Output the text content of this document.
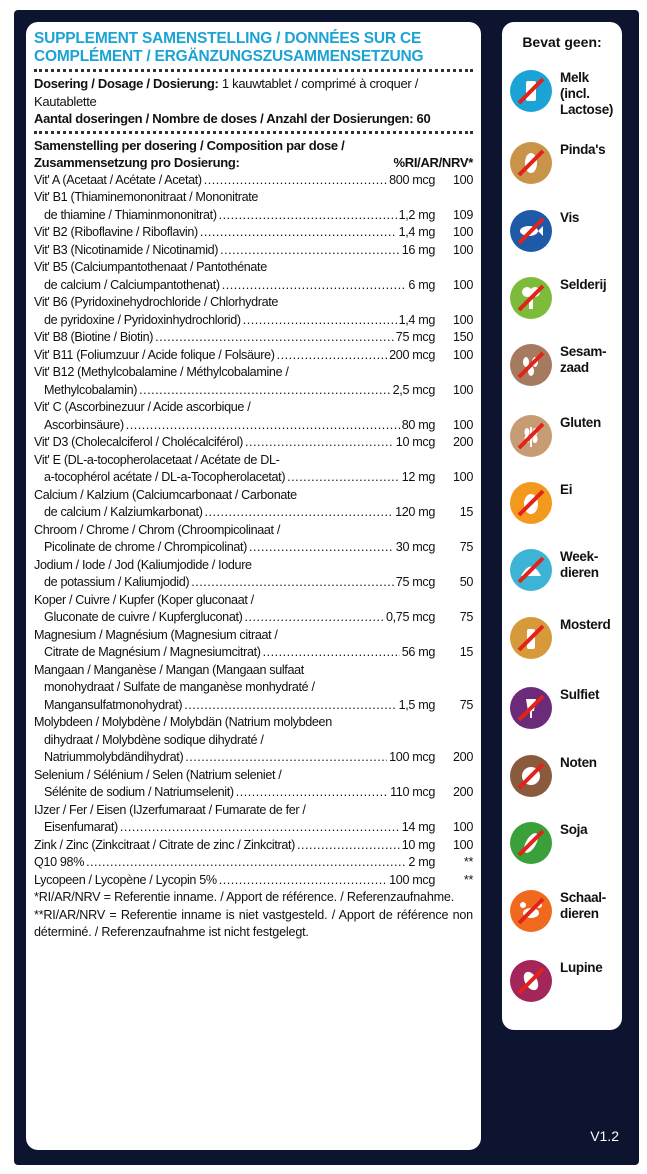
SUPPLEMENT SAMENSTELLING / DONNÉES SUR CE
COMPLÉMENT / ERGÄNZUNGSZUSAMMENSETZUNG
Dosering / Dosage / Dosierung: 1 kauwtablet / comprimé à croquer /
Kautablette
Aantal doseringen / Nombre de doses / Anzahl der Dosierungen: 60
Samenstelling per dosering / Composition par dose /
Zusammensetzung pro Dosierung:	%RI/AR/NRV*
Vit' A (Acetaat / Acétate / Acetat) .....	800 mcg	100
Vit' B1 (Thiaminemononitraat / Mononitrate
de thiamine / Thiaminmononitrat) .....	1,2 mg	109
Vit' B2 (Riboflavine / Riboflavin) .....	1,4 mg	100
Vit' B3 (Nicotinamide / Nicotinamid) .....	16 mg	100
Vit' B5 (Calciumpantothenaat / Pantothénate
de calcium / Calciumpantothenat) .....	6 mg	100
Vit' B6 (Pyridoxinehydrochloride / Chlorhydrate
de pyridoxine / Pyridoxinhydrochlorid) .....	1,4 mg	100
Vit' B8 (Biotine / Biotin) .....	75 mcg	150
Vit' B11 (Foliumzuur / Acide folique / Folsäure) .....	200 mcg	100
Vit' B12 (Methylcobalamine / Méthylcobalamine /
Methylcobalamin) .....	2,5 mcg	100
Vit' C (Ascorbinezuur / Acide ascorbique /
Ascorbinsäure) .....	80 mg	100
Vit' D3 (Cholecalciferol / Cholécalciférol) .....	10 mcg	200
Vit' E (DL-a-tocopherolacetaat / Acétate de DL-
a-tocophérol acétate / DL-a-Tocopherolacetat) .....	12 mg	100
Calcium / Kalzium (Calciumcarbonaat / Carbonate
de calcium / Kalziumkarbonat) .....	120 mg	15
Chroom / Chrome / Chrom (Chroompicolinaat /
Picolinate de chrome / Chrompicolinat) .....	30 mcg	75
Jodium / Iode / Jod (Kaliumjodide / Iodure
de potassium / Kaliumjodid) .....	75 mcg	50
Koper / Cuivre / Kupfer (Koper gluconaat /
Gluconate de cuivre / Kupfergluconat) .....	0,75 mcg	75
Magnesium / Magnésium (Magnesium citraat /
Citrate de Magnésium / Magnesiumcitrat) .....	56 mg	15
Mangaan / Manganèse / Mangan (Mangaan sulfaat
monohydraat / Sulfate de manganèse monhydraté /
Mangansulfatmonohydrat) .....	1,5 mg	75
Molybdeen / Molybdène / Molybdän (Natrium molybdeen
dihydraat / Molybdène sodique dihydraté /
Natriummolybdändihydrat) .....	100 mcg	200
Selenium / Sélénium / Selen (Natrium seleniet /
Sélénite de sodium / Natriumselenit) .....	110 mcg	200
IJzer / Fer / Eisen (IJzerfumaraat / Fumarate de fer /
Eisenfumarat) .....	14 mg	100
Zink / Zinc (Zinkcitraat / Citrate de zinc / Zinkcitrat) .....	10 mg	100
Q10 98% .....	2 mg	**
Lycopeen / Lycopène / Lycopin 5% .....	100 mcg	**
*RI/AR/NRV = Referentie inname. / Apport de référence. / Referenzaufnahme.
**RI/AR/NRV = Referentie inname is niet vastgesteld. / Apport de référence non déterminé. / Referenzaufnahme ist nicht festgelegt.
Bevat geen:
Melk
(incl.
Lactose)
Pinda's
Vis
Selderij
Sesam-
zaad
Gluten
Ei
Week-
dieren
Mosterd
Sulfiet
Noten
Soja
Schaal-
dieren
Lupine
V1.2
